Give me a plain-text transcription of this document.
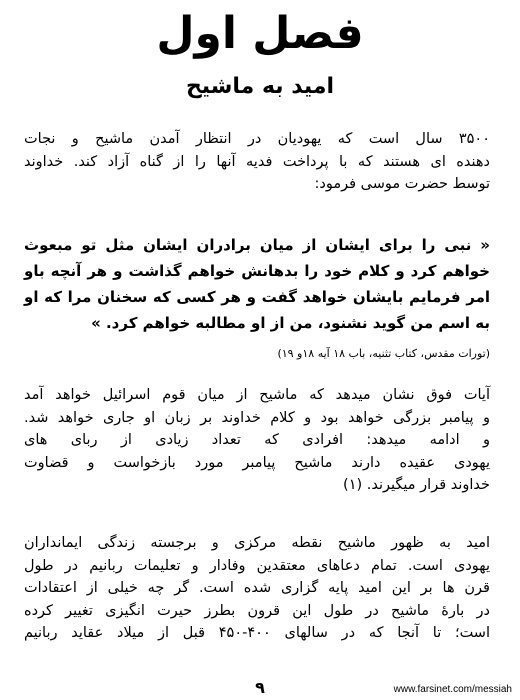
فصل اول
امید به ماشیح

۳۵۰۰ سال است که یهودیان در انتظار آمدن ماشیح و نجات
دهنده ای هستند که با پرداخت فدیه آنها را از گناه آزاد کند. خداوند
توسط حضرت موسی فرمود:

« نبی را برای ایشان از میان برادران ایشان مثل تو مبعوث
خواهم کرد و کلام خود را بدهانش خواهم گذاشت و هر آنچه باو
امر فرمایم بایشان خواهد گفت و هر کسی که سخنان مرا که او
به اسم من گوید نشنود، من از او مطالبه خواهم کرد. »

(تورات مقدس، کتاب تثنیه، باب ۱۸ آیه ۱۸و ۱۹)

آیات فوق نشان میدهد که ماشیح از میان قوم اسرائیل خواهد آمد
و پیامبر بزرگی خواهد بود و کلام خداوند بر زبان او جاری خواهد شد.
و ادامه میدهد: افرادی که تعداد زیادی از ربای های
یهودی عقیده دارند ماشیح پیامبر مورد بازخواست و قضاوت
خداوند قرار میگیرند. (۱)

امید به ظهور ماشیح نقطه مرکزی و برجسته زندگی ایمانداران
یهودی است. تمام دعاهای معتقدین وفادار و تعلیمات ربانیم در طول
قرن ها بر این امید پایه گزاری شده است. گر چه خیلی از اعتقادات
در بارهٔ ماشیح در طول این قرون بطرز حیرت انگیزی تغییر کرده
است؛ تا آنجا که در سالهای ۴۰۰-۴۵۰ قبل از میلاد عقاید ربانیم

۹	www.farsinet.com/messiah
